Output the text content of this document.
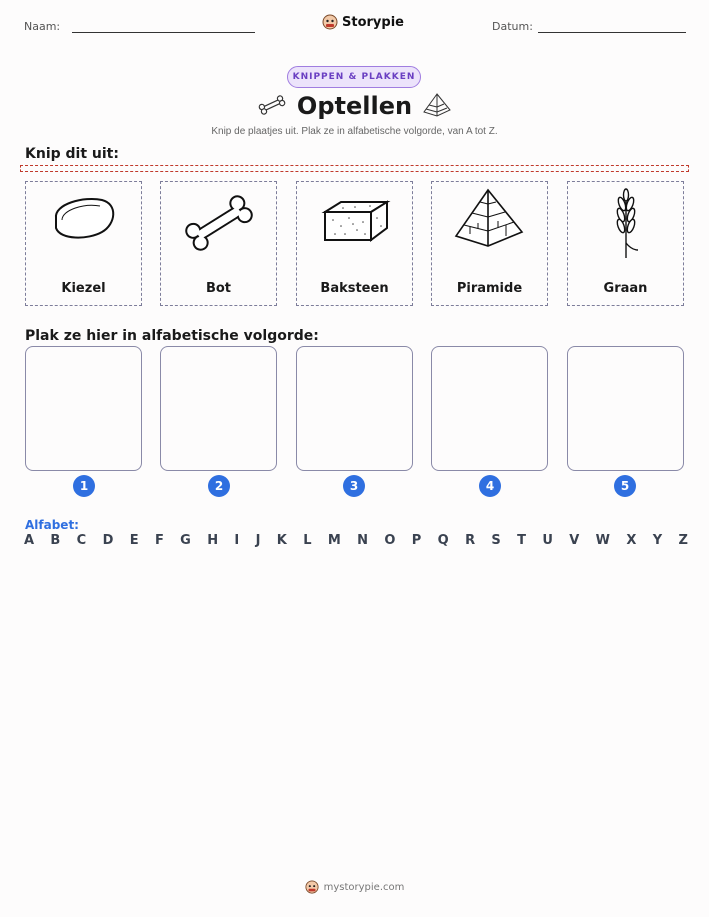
Naam:	Storypie	Datum:
KNIPPEN & PLAKKEN
Optellen
Knip de plaatjes uit. Plak ze in alfabetische volgorde, van A tot Z.
Knip dit uit:
Kiezel	Bot	Baksteen	Piramide	Graan
Plak ze hier in alfabetische volgorde:
1	2	3	4	5
Alfabet:
A B C D E F G H I J K L M N O P Q R S T U V W X Y Z
mystorypie.com
